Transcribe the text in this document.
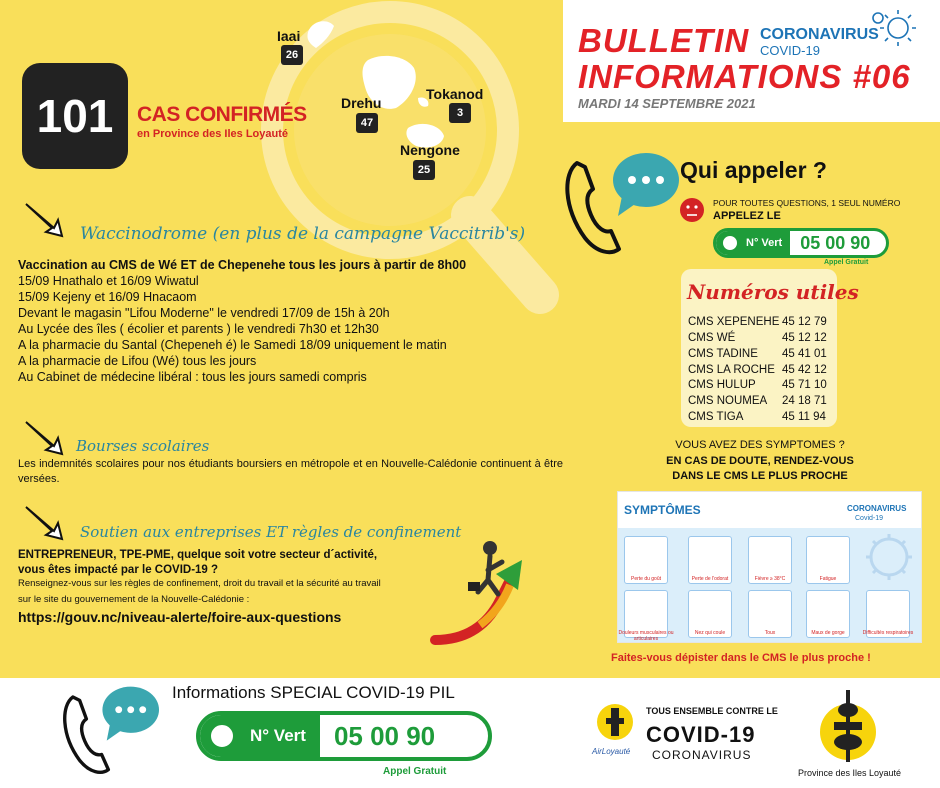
101	CAS CONFIRMÉS
en Province des Iles Loyauté
Iaai
26
Drehu
47
Tokanod
3
Nengone
25
BULLETIN
INFORMATIONS #06
MARDI 14 SEPTEMBRE 2021
CORONAVIRUS
COVID-19
Waccinodrome (en plus de la campagne Vaccitrib's)
Vaccination au CMS de Wé ET de Chepenehe tous les jours à partir de 8h00
15/09 Hnathalo et 16/09 Wiwatul
15/09 Kejeny et 16/09 Hnacaom
Devant le magasin "Lifou Moderne" le vendredi 17/09 de 15h à 20h
Au Lycée des îles ( écolier et parents ) le vendredi 7h30 et 12h30
A la pharmacie du Santal (Chepeneh é) le Samedi 18/09 uniquement le matin
A la pharmacie de Lifou (Wé) tous les jours
Au Cabinet de médecine libéral : tous les jours samedi compris
Bourses scolaires
Les indemnités scolaires pour nos étudiants boursiers en métropole et en Nouvelle-Calédonie continuent à être versées.
Soutien aux entreprises ET règles de confinement
ENTREPRENEUR, TPE-PME, quelque soit votre secteur d´activité,
vous êtes impacté par le COVID-19 ?
Renseignez-vous sur les règles de confinement, droit du travail et la sécurité au travail
sur le site du gouvernement de la Nouvelle-Calédonie :
https://gouv.nc/niveau-alerte/foire-aux-questions
Qui appeler ?
POUR TOUTES QUESTIONS, 1 SEUL NUMÉRO
APPELEZ LE
N° Vert	05 00 90
Appel Gratuit
Numéros utiles
CMS XEPENEHE 45 12 79
CMS WÉ	45 12 12
CMS TADINE 45 41 01
CMS LA ROCHE 45 42 12
CMS HULUP 45 71 10
CMS NOUMEA 24 18 71
CMS TIGA	45 11 94
VOUS AVEZ DES SYMPTOMES ?
EN CAS DE DOUTE, RENDEZ-VOUS
DANS LE CMS LE PLUS PROCHE
SYMPTÔMES	CORONAVIRUS
Covid-19
Perte du goût	Perte de l'odorat	Fièvre ≥ 38°C	Fatigue
Douleurs musculaires ou articulaires
Nez qui coule	Toux	Maux de gorge	Difficultés respiratoires
Faites-vous dépister dans le CMS le plus proche !
Informations SPECIAL COVID-19 PIL
N° Vert	05 00 90
Appel Gratuit
AirLoyauté
TOUS ENSEMBLE CONTRE LE
COVID-19
CORONAVIRUS
Province des Iles Loyauté
